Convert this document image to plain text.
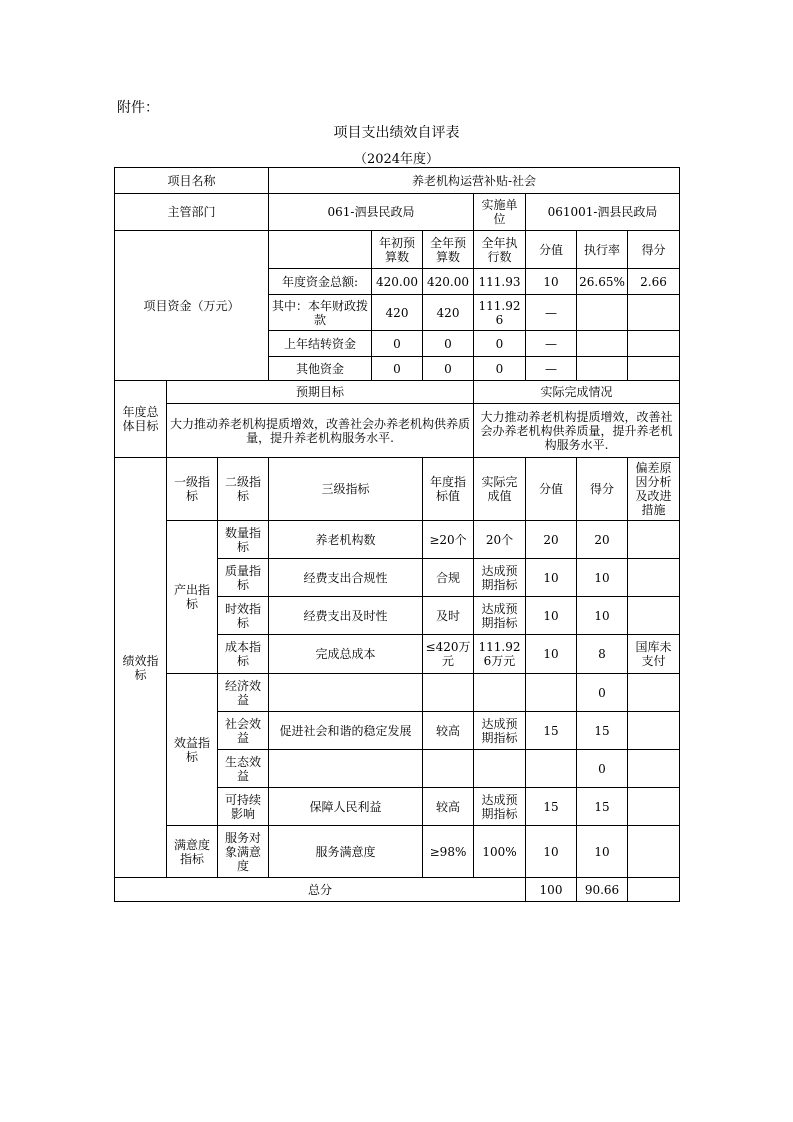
附件：
项目支出绩效自评表
（2024年度）
项目名称			养老机构运营补贴-社会						
主管部门			061-泗县民政局			实施单位	061001-泗县民政局		
项目资金（万元）				年初预算数	全年预算数	全年执行数	分值	执行率	得分
			年度资金总额:	420.00	420.00	111.93	10	26.65%	2.66
			其中：本年财政拨款	420	420	111.926	—		
			上年结转资金	0	0	0	—		
			其他资金	0	0	0	—		
年度总体目标	预期目标					实际完成情况			
	大力推动养老机构提质增效，改善社会办养老机构供养质量，提升养老机构服务水平.					大力推动养老机构提质增效，改善社会办养老机构供养质量，提升养老机构服务水平.			
绩效指标	一级指标	二级指标	三级指标		年度指标值	实际完成值	分值	得分	偏差原因分析及改进措施
	产出指标	数量指标	养老机构数		≥20个	20个	20	20	
		质量指标	经费支出合规性		合规	达成预期指标	10	10	
		时效指标	经费支出及时性		及时	达成预期指标	10	10	
		成本指标	完成总成本		≤420万元	111.926万元	10	8	国库未支付
	效益指标	经济效益						0	
		社会效益	促进社会和谐的稳定发展		较高	达成预期指标	15	15	
		生态效益						0	
		可持续影响	保障人民利益		较高	达成预期指标	15	15	
	满意度指标	服务对象满意度	服务满意度		≥98%	100%	10	10	
总分							100	90.66	
